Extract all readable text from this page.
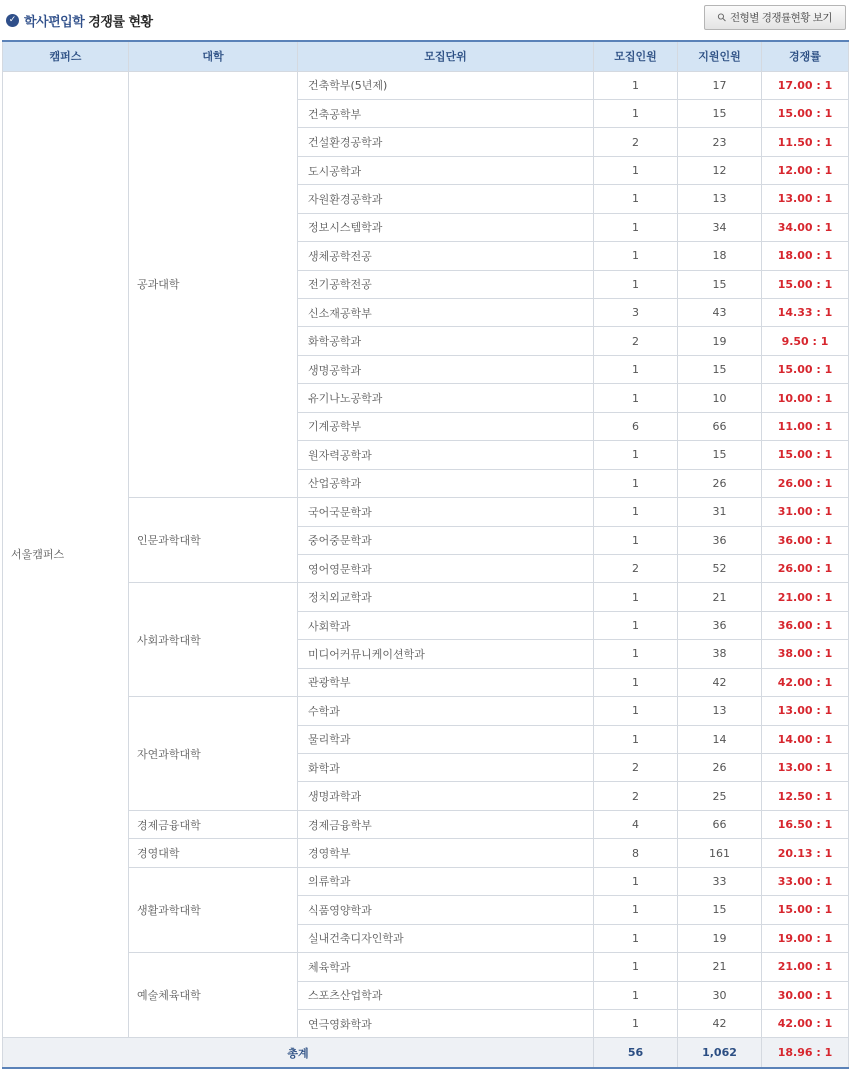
✓ 학사편입학 경쟁률 현황	⚲ 전형별 경쟁률현황 보기
캠퍼스	대학	모집단위	모집인원	지원인원	경쟁률
서울캠퍼스	공과대학	건축학부(5년제)	1	17	17.00 : 1
		건축공학부	1	15	15.00 : 1
		건설환경공학과	2	23	11.50 : 1
		도시공학과	1	12	12.00 : 1
		자원환경공학과	1	13	13.00 : 1
		정보시스템학과	1	34	34.00 : 1
		생체공학전공	1	18	18.00 : 1
		전기공학전공	1	15	15.00 : 1
		신소재공학부	3	43	14.33 : 1
		화학공학과	2	19	9.50 : 1
		생명공학과	1	15	15.00 : 1
		유기나노공학과	1	10	10.00 : 1
		기계공학부	6	66	11.00 : 1
		원자력공학과	1	15	15.00 : 1
		산업공학과	1	26	26.00 : 1
	인문과학대학	국어국문학과	1	31	31.00 : 1
		중어중문학과	1	36	36.00 : 1
		영어영문학과	2	52	26.00 : 1
	사회과학대학	정치외교학과	1	21	21.00 : 1
		사회학과	1	36	36.00 : 1
		미디어커뮤니케이션학과	1	38	38.00 : 1
		관광학부	1	42	42.00 : 1
	자연과학대학	수학과	1	13	13.00 : 1
		물리학과	1	14	14.00 : 1
		화학과	2	26	13.00 : 1
		생명과학과	2	25	12.50 : 1
	경제금융대학	경제금융학부	4	66	16.50 : 1
	경영대학	경영학부	8	161	20.13 : 1
	생활과학대학	의류학과	1	33	33.00 : 1
		식품영양학과	1	15	15.00 : 1
		실내건축디자인학과	1	19	19.00 : 1
	예술체육대학	체육학과	1	21	21.00 : 1
		스포츠산업학과	1	30	30.00 : 1
		연극영화학과	1	42	42.00 : 1
총계			56	1,062	18.96 : 1
